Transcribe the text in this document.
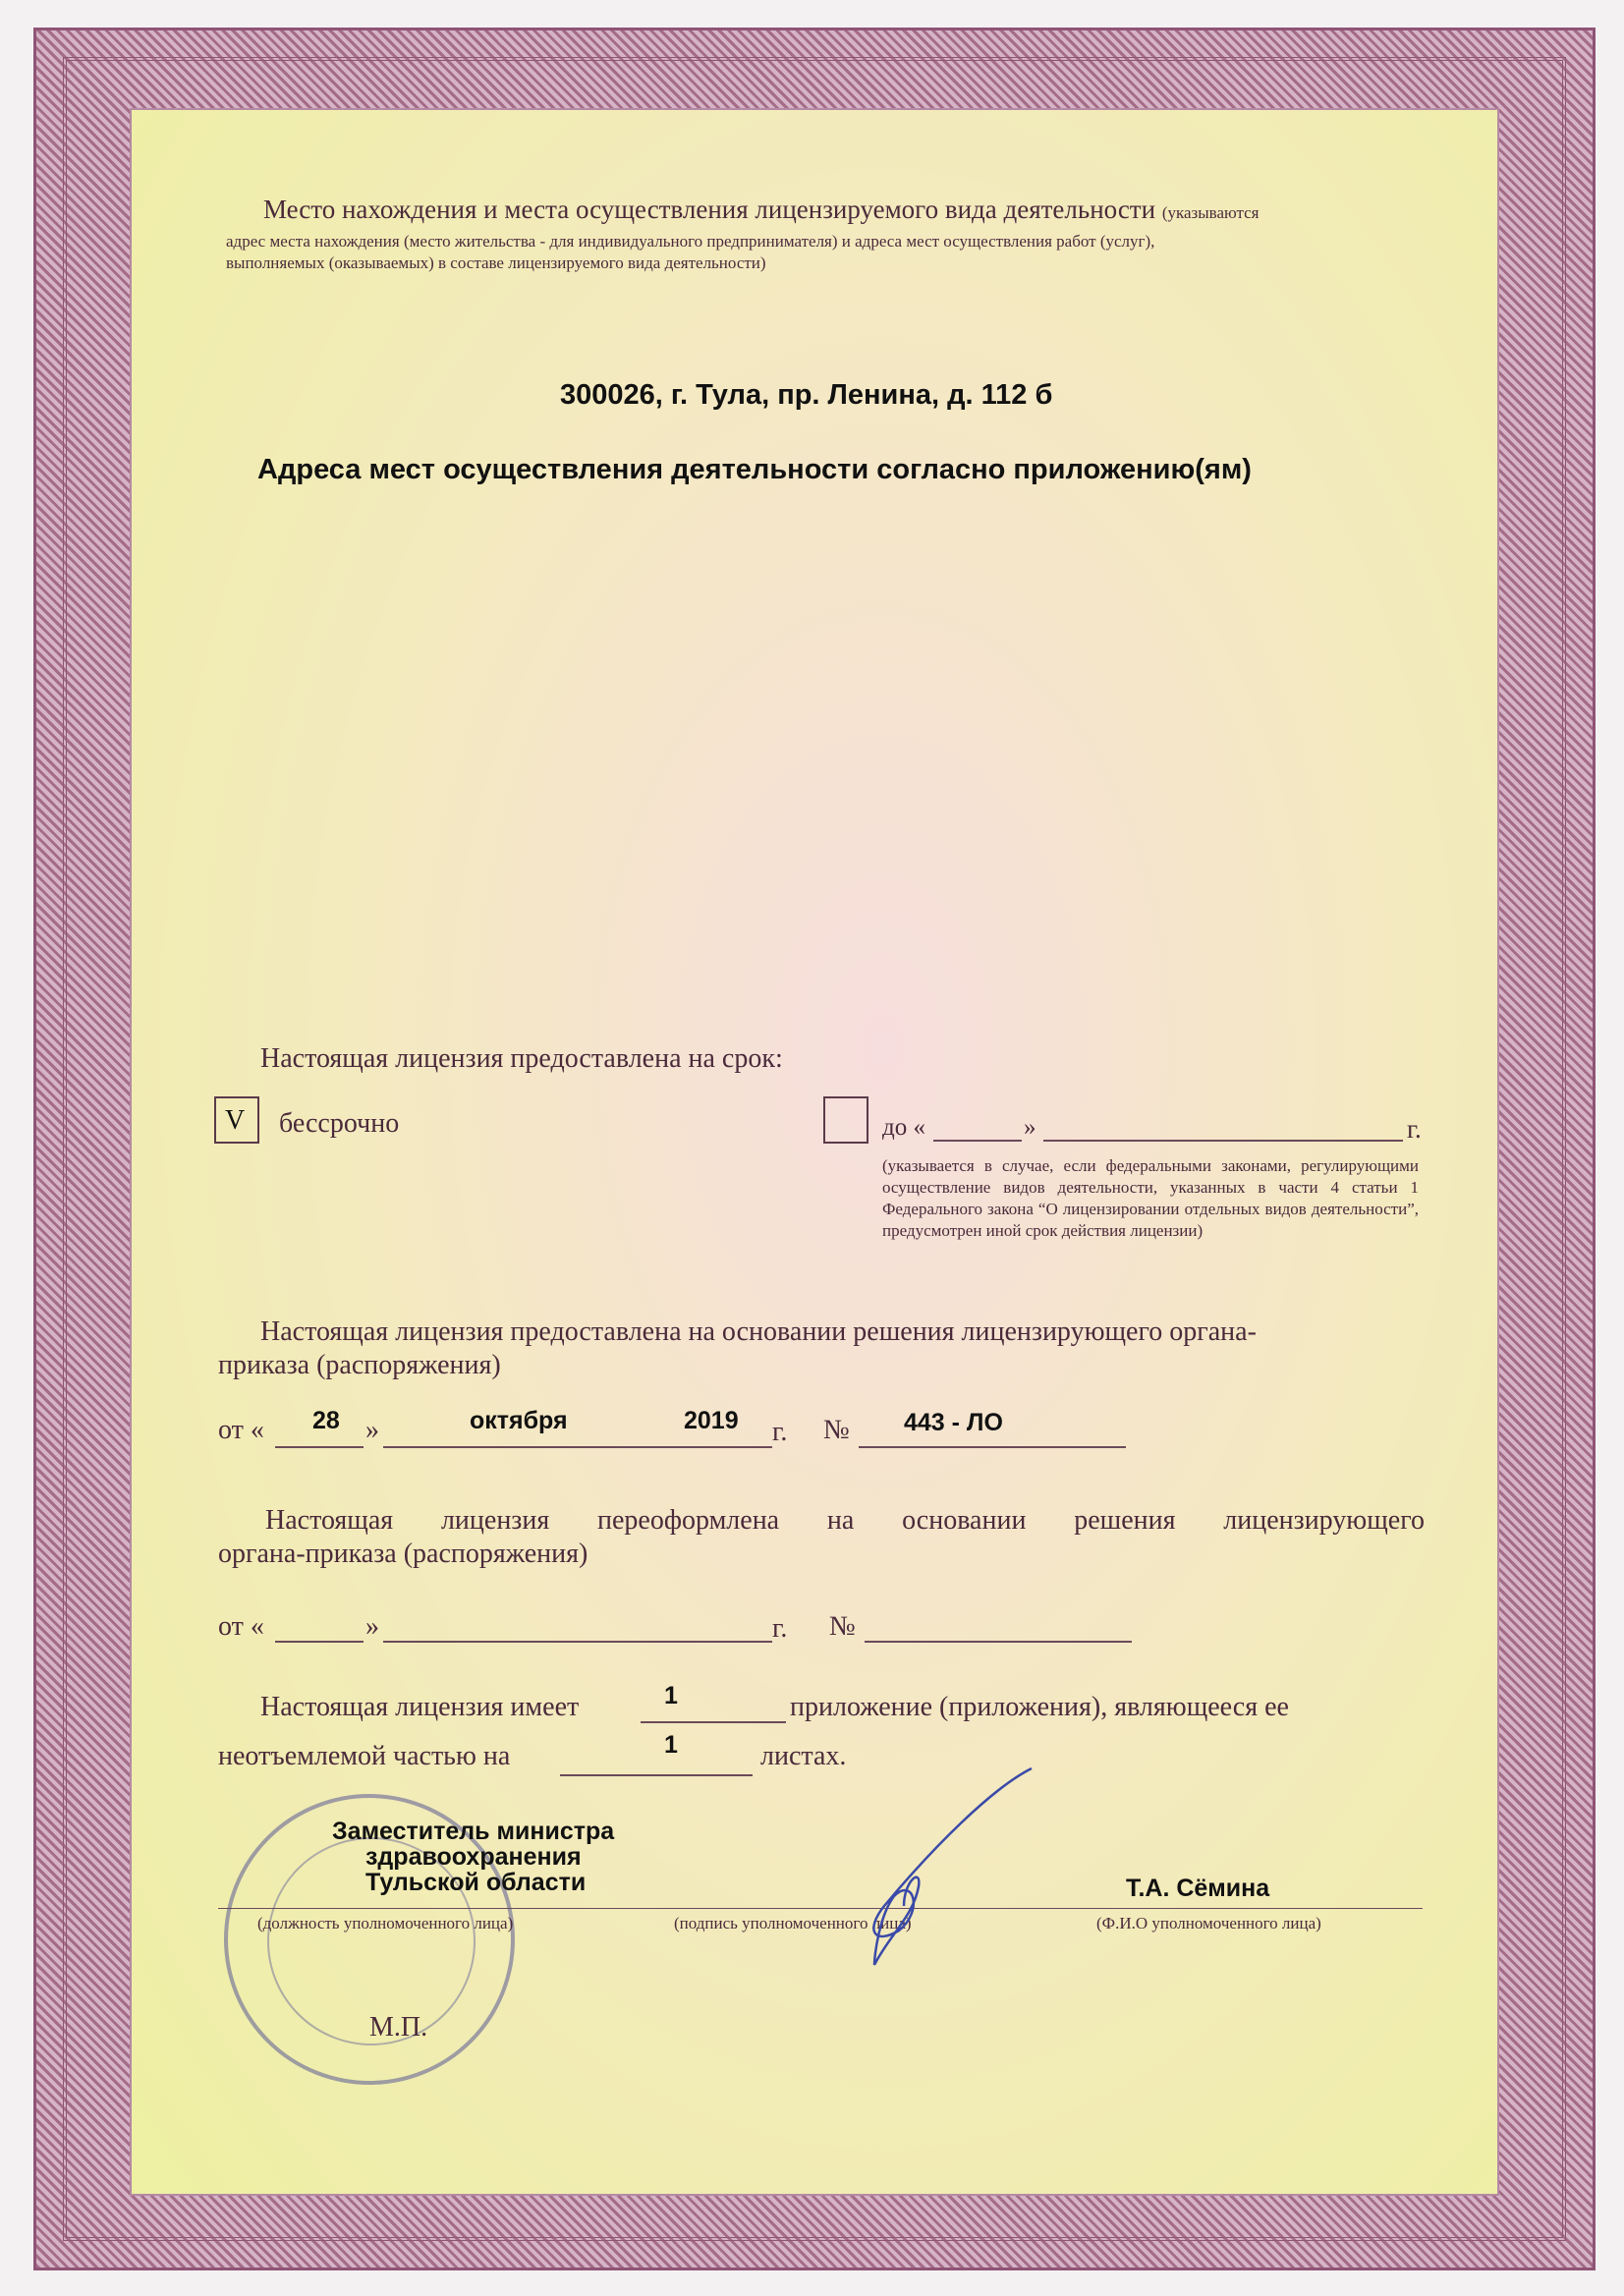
Место нахождения и места осуществления лицензируемого вида деятельности (указываются
адрес места нахождения (место жительства - для индивидуального предпринимателя) и адреса мест осуществления работ (услуг),
выполняемых (оказываемых) в составе лицензируемого вида деятельности)
300026, г. Тула, пр. Ленина, д. 112 б
Адреса мест осуществления деятельности согласно приложению(ям)
Настоящая лицензия предоставлена на срок:
V бессрочно	до «	»	г.
(указывается в случае, если федеральными законами, регулирующими осуществление видов деятельности, указанных в части 4 статьи 1 Федерального закона “О лицензировании отдельных видов деятельности”, предусмотрен иной срок действия лицензии)
Настоящая лицензия предоставлена на основании решения лицензирующего органа-
приказа (распоряжения)
от « 28 »	октября	2019 г. № 443 - ЛО
Настоящая лицензия переоформлена на основании решения лицензирующего
органа-приказа (распоряжения)
от «	»	г. №
Настоящая лицензия имеет	1	приложение (приложения), являющееся ее
неотъемлемой частью на	1	листах.
Заместитель министра
здравоохранения
Тульской области	Т.А. Сёмина
(должность уполномоченного лица)	(подпись уполномоченного лица)	(Ф.И.О уполномоченного лица)
М.П.
